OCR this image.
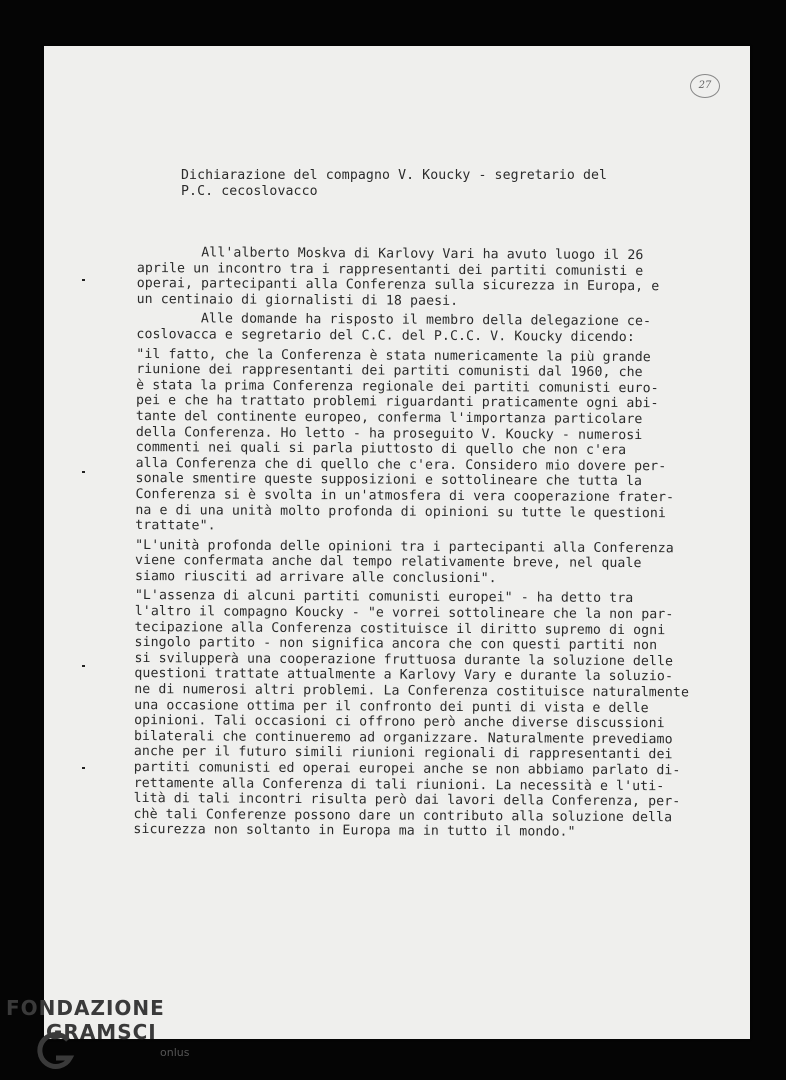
27
Dichiarazione del compagno V. Koucky - segretario del
P.C. cecoslovacco
All'alberto Moskva di Karlovy Vari ha avuto luogo il 26
aprile un incontro tra i rappresentanti dei partiti comunisti e
operai, partecipanti alla Conferenza sulla sicurezza in Europa, e
un centinaio di giornalisti di 18 paesi.

Alle domande ha risposto il membro della delegazione ce-
coslovacca e segretario del C.C. del P.C.C. V. Koucky dicendo:

"il fatto, che la Conferenza è stata numericamente la più grande
riunione dei rappresentanti dei partiti comunisti dal 1960, che
è stata la prima Conferenza regionale dei partiti comunisti euro-
pei e che ha trattato problemi riguardanti praticamente ogni abi-
tante del continente europeo, conferma l'importanza particolare
della Conferenza. Ho letto - ha proseguito V. Koucky - numerosi
commenti nei quali si parla piuttosto di quello che non c'era
alla Conferenza che di quello che c'era. Considero mio dovere per-
sonale smentire queste supposizioni e sottolineare che tutta la
Conferenza si è svolta in un'atmosfera di vera cooperazione frater-
na e di una unità molto profonda di opinioni su tutte le questioni
trattate".

"L'unità profonda delle opinioni tra i partecipanti alla Conferenza
viene confermata anche dal tempo relativamente breve, nel quale
siamo riusciti ad arrivare alle conclusioni".

"L'assenza di alcuni partiti comunisti europei" - ha detto tra
l'altro il compagno Koucky - "e vorrei sottolineare che la non par-
tecipazione alla Conferenza costituisce il diritto supremo di ogni
singolo partito - non significa ancora che con questi partiti non
si svilupperà una cooperazione fruttuosa durante la soluzione delle
questioni trattate attualmente a Karlovy Vary e durante la soluzio-
ne di numerosi altri problemi. La Conferenza costituisce naturalmente
una occasione ottima per il confronto dei punti di vista e delle
opinioni. Tali occasioni ci offrono però anche diverse discussioni
bilaterali che continueremo ad organizzare. Naturalmente prevediamo
anche per il futuro simili riunioni regionali di rappresentanti dei
partiti comunisti ed operai europei anche se non abbiamo parlato di-
rettamente alla Conferenza di tali riunioni. La necessità e l'uti-
lità di tali incontri risulta però dai lavori della Conferenza, per-
chè tali Conferenze possono dare un contributo alla soluzione della
sicurezza non soltanto in Europa ma in tutto il mondo."
FONDAZIONE
GRAMSCI
onlus
